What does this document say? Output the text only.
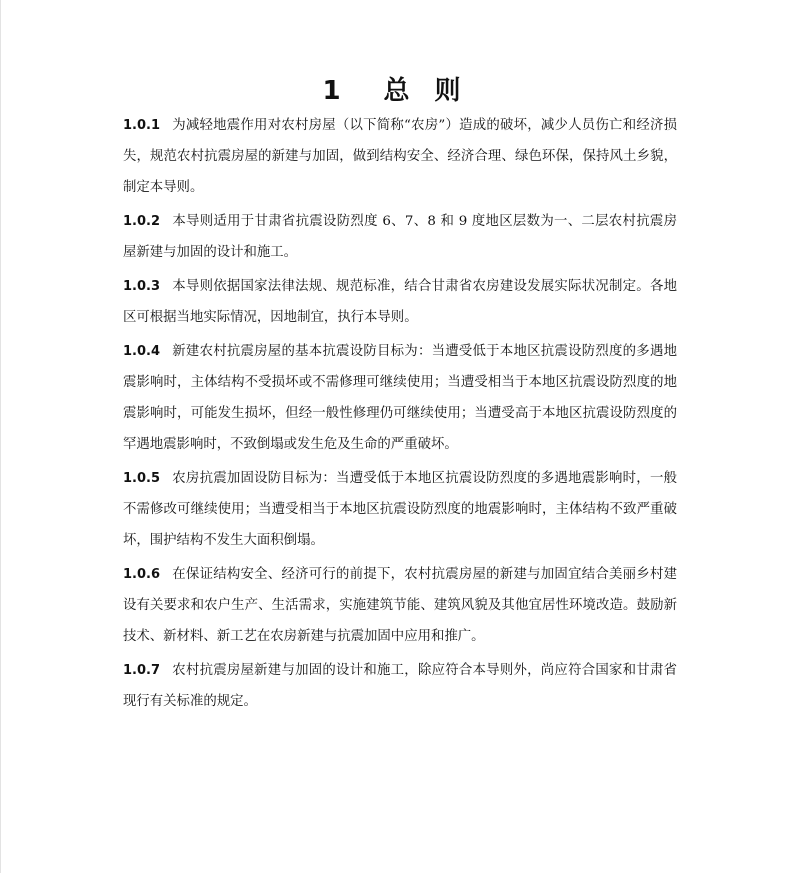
1 总 则

1.0.1 为减轻地震作用对农村房屋（以下简称“农房”）造成的破坏，减少人员伤亡和经济损失，规范农村抗震房屋的新建与加固，做到结构安全、经济合理、绿色环保，保持风土乡貌，制定本导则。

1.0.2 本导则适用于甘肃省抗震设防烈度 6、7、8 和 9 度地区层数为一、二层农村抗震房屋新建与加固的设计和施工。

1.0.3 本导则依据国家法律法规、规范标准，结合甘肃省农房建设发展实际状况制定。各地区可根据当地实际情况，因地制宜，执行本导则。

1.0.4 新建农村抗震房屋的基本抗震设防目标为：当遭受低于本地区抗震设防烈度的多遇地震影响时，主体结构不受损坏或不需修理可继续使用；当遭受相当于本地区抗震设防烈度的地震影响时，可能发生损坏，但经一般性修理仍可继续使用；当遭受高于本地区抗震设防烈度的罕遇地震影响时，不致倒塌或发生危及生命的严重破坏。

1.0.5 农房抗震加固设防目标为：当遭受低于本地区抗震设防烈度的多遇地震影响时，一般不需修改可继续使用；当遭受相当于本地区抗震设防烈度的地震影响时，主体结构不致严重破坏，围护结构不发生大面积倒塌。

1.0.6 在保证结构安全、经济可行的前提下，农村抗震房屋的新建与加固宜结合美丽乡村建设有关要求和农户生产、生活需求，实施建筑节能、建筑风貌及其他宜居性环境改造。鼓励新技术、新材料、新工艺在农房新建与抗震加固中应用和推广。

1.0.7 农村抗震房屋新建与加固的设计和施工，除应符合本导则外，尚应符合国家和甘肃省现行有关标准的规定。
